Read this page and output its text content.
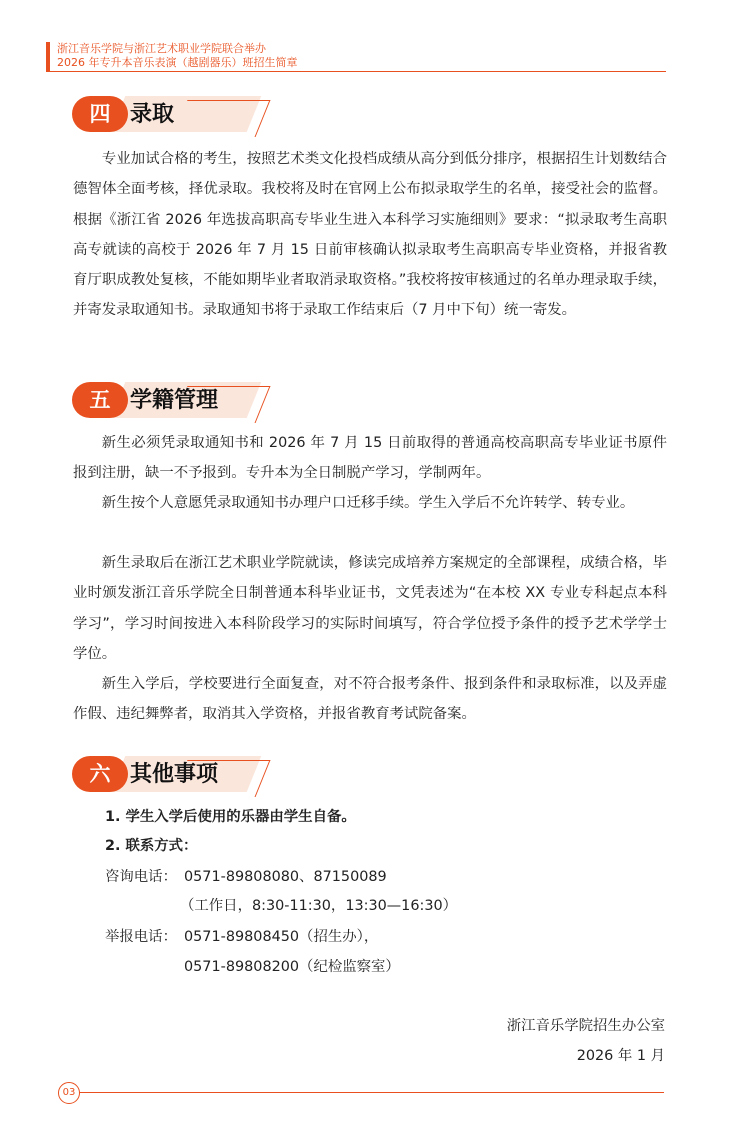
浙江音乐学院与浙江艺术职业学院联合举办
2026 年专升本音乐表演（越剧器乐）班招生简章
四 录取

专业加试合格的考生，按照艺术类文化投档成绩从高分到低分排序，根据招生计划数结合德智体全面考核，择优录取。我校将及时在官网上公布拟录取学生的名单，接受社会的监督。根据《浙江省 2026 年选拔高职高专毕业生进入本科学习实施细则》要求：“拟录取考生高职高专就读的高校于 2026 年 7 月 15 日前审核确认拟录取考生高职高专毕业资格，并报省教育厅职成教处复核，不能如期毕业者取消录取资格。”我校将按审核通过的名单办理录取手续，并寄发录取通知书。录取通知书将于录取工作结束后（7 月中下旬）统一寄发。

五 学籍管理

新生必须凭录取通知书和 2026 年 7 月 15 日前取得的普通高校高职高专毕业证书原件报到注册，缺一不予报到。专升本为全日制脱产学习，学制两年。

新生按个人意愿凭录取通知书办理户口迁移手续。学生入学后不允许转学、转专业。

新生录取后在浙江艺术职业学院就读，修读完成培养方案规定的全部课程，成绩合格，毕业时颁发浙江音乐学院全日制普通本科毕业证书，文凭表述为“在本校 XX 专业专科起点本科学习”，学习时间按进入本科阶段学习的实际时间填写，符合学位授予条件的授予艺术学学士学位。

新生入学后，学校要进行全面复查，对不符合报考条件、报到条件和录取标准，以及弄虚作假、违纪舞弊者，取消其入学资格，并报省教育考试院备案。

六 其他事项
1. 学生入学后使用的乐器由学生自备。
2. 联系方式：
咨询电话： 0571-89808080、87150089
（工作日，8:30-11:30，13:30—16:30）
举报电话： 0571-89808450（招生办），
0571-89808200（纪检监察室）
浙江音乐学院招生办公室
2026 年 1 月
03
